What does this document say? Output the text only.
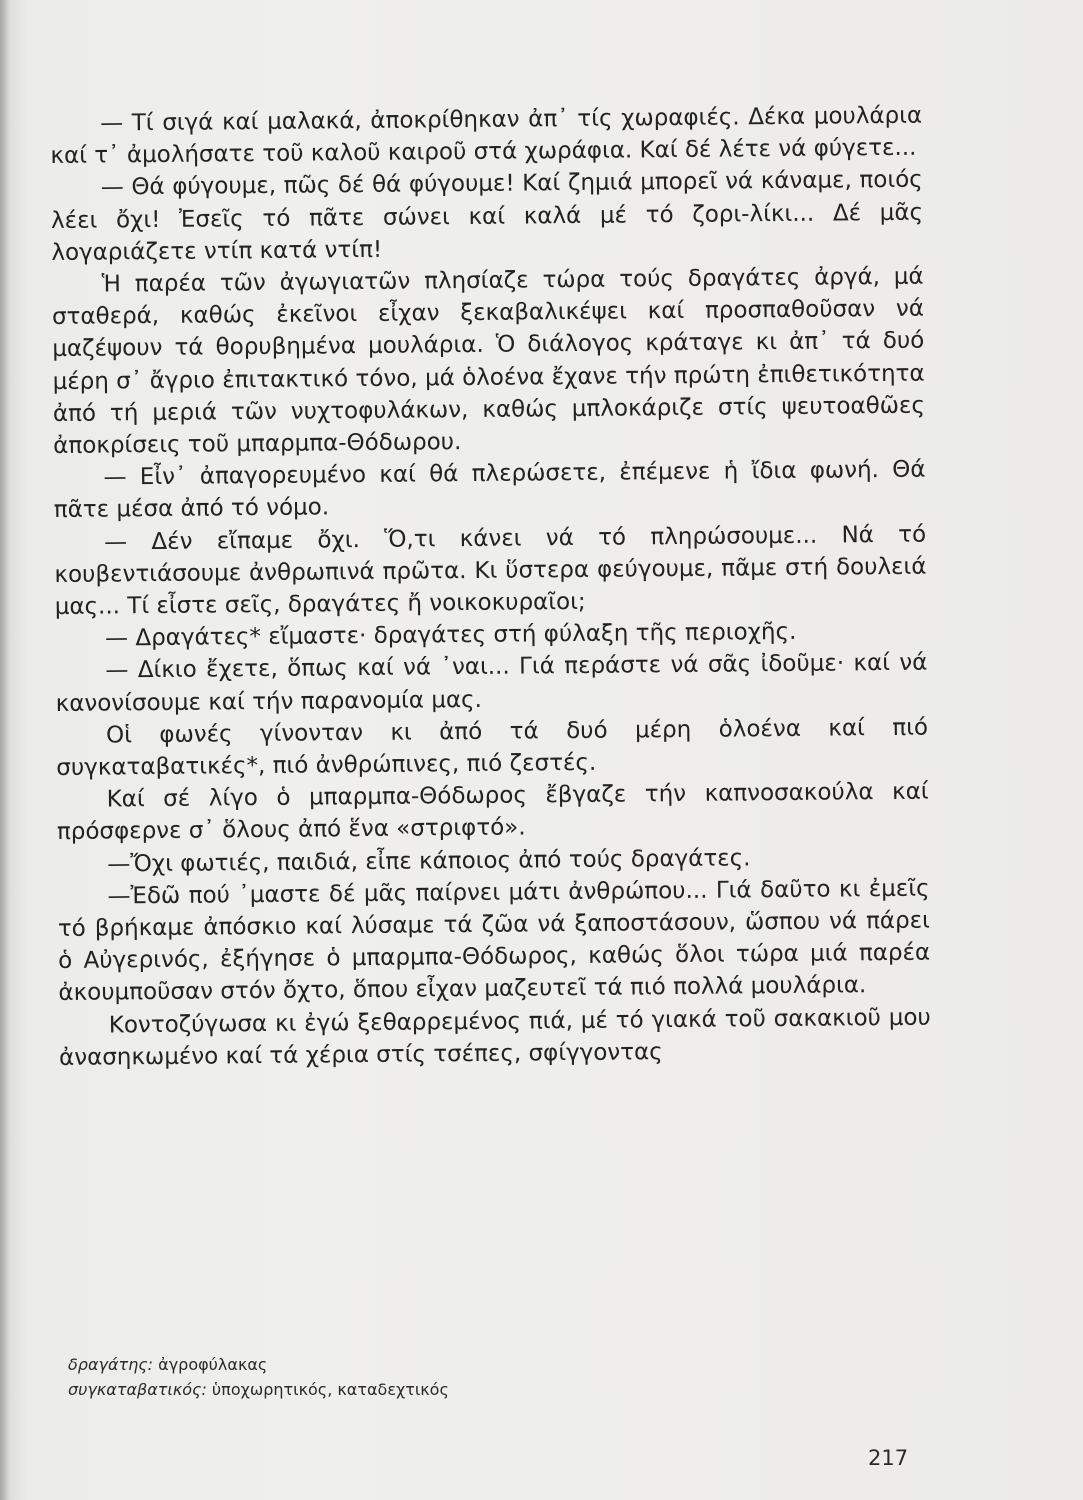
— Τί σιγά καί μαλακά, ἀποκρίθηκαν ἀπ᾽ τίς χωραφιές. Δέκα μουλάρια καί τ᾽ ἀμολήσατε τοῦ καλοῦ καιροῦ στά χωράφια. Καί δέ λέτε νά φύγετε...

— Θά φύγουμε, πῶς δέ θά φύγουμε! Καί ζημιά μπορεῖ νά κάναμε, ποιός λέει ὄχι! Ἐσεῖς τό πᾶτε σώνει καί καλά μέ τό ζορι-λίκι... Δέ μᾶς λογαριάζετε ντίπ κατά ντίπ!

Ἡ παρέα τῶν ἀγωγιατῶν πλησίαζε τώρα τούς δραγάτες ἀργά, μά σταθερά, καθώς ἐκεῖνοι εἶχαν ξεκαβαλικέψει καί προσπαθοῦσαν νά μαζέψουν τά θορυβημένα μουλάρια. Ὁ διάλογος κράταγε κι ἀπ᾽ τά δυό μέρη σ᾽ ἄγριο ἐπιτακτικό τόνο, μά ὁλοένα ἔχανε τήν πρώτη ἐπιθετικότητα ἀπό τή μεριά τῶν νυχτοφυλάκων, καθώς μπλοκάριζε στίς ψευτοαθῶες ἀποκρίσεις τοῦ μπαρμπα-Θόδωρου.

— Εἶν᾽ ἀπαγορευμένο καί θά πλερώσετε, ἐπέμενε ἡ ἴδια φωνή. Θά πᾶτε μέσα ἀπό τό νόμο.

— Δέν εἴπαμε ὄχι. Ὅ,τι κάνει νά τό πληρώσουμε... Νά τό κουβεντιάσουμε ἀνθρωπινά πρῶτα. Κι ὕστερα φεύγουμε, πᾶμε στή δουλειά μας... Τί εἶστε σεῖς, δραγάτες ἤ νοικοκυραῖοι;

— Δραγάτες* εἴμαστε· δραγάτες στή φύλαξη τῆς περιοχῆς.

— Δίκιο ἔχετε, ὅπως καί νά ᾽ναι... Γιά περάστε νά σᾶς ἰδοῦμε· καί νά κανονίσουμε καί τήν παρανομία μας.

Οἱ φωνές γίνονταν κι ἀπό τά δυό μέρη ὁλοένα καί πιό συγκαταβατικές*, πιό ἀνθρώπινες, πιό ζεστές.

Καί σέ λίγο ὁ μπαρμπα-Θόδωρος ἔβγαζε τήν καπνοσακούλα καί πρόσφερνε σ᾽ ὅλους ἀπό ἕνα «στριφτό».

—Ὄχι φωτιές, παιδιά, εἶπε κάποιος ἀπό τούς δραγάτες.

—Ἐδῶ πού ᾽μαστε δέ μᾶς παίρνει μάτι ἀνθρώπου... Γιά δαῦτο κι ἐμεῖς τό βρήκαμε ἀπόσκιο καί λύσαμε τά ζῶα νά ξαποστάσουν, ὥσπου νά πάρει ὁ Αὐγερινός, ἐξήγησε ὁ μπαρμπα-Θόδωρος, καθώς ὅλοι τώρα μιά παρέα ἀκουμποῦσαν στόν ὄχτο, ὅπου εἶχαν μαζευτεῖ τά πιό πολλά μουλάρια.

Κοντοζύγωσα κι ἐγώ ξεθαρρεμένος πιά, μέ τό γιακά τοῦ σακακιοῦ μου ἀνασηκωμένο καί τά χέρια στίς τσέπες, σφίγγοντας

δραγάτης: ἀγροφύλακας
συγκαταβατικός: ὑποχωρητικός, καταδεχτικός
217
